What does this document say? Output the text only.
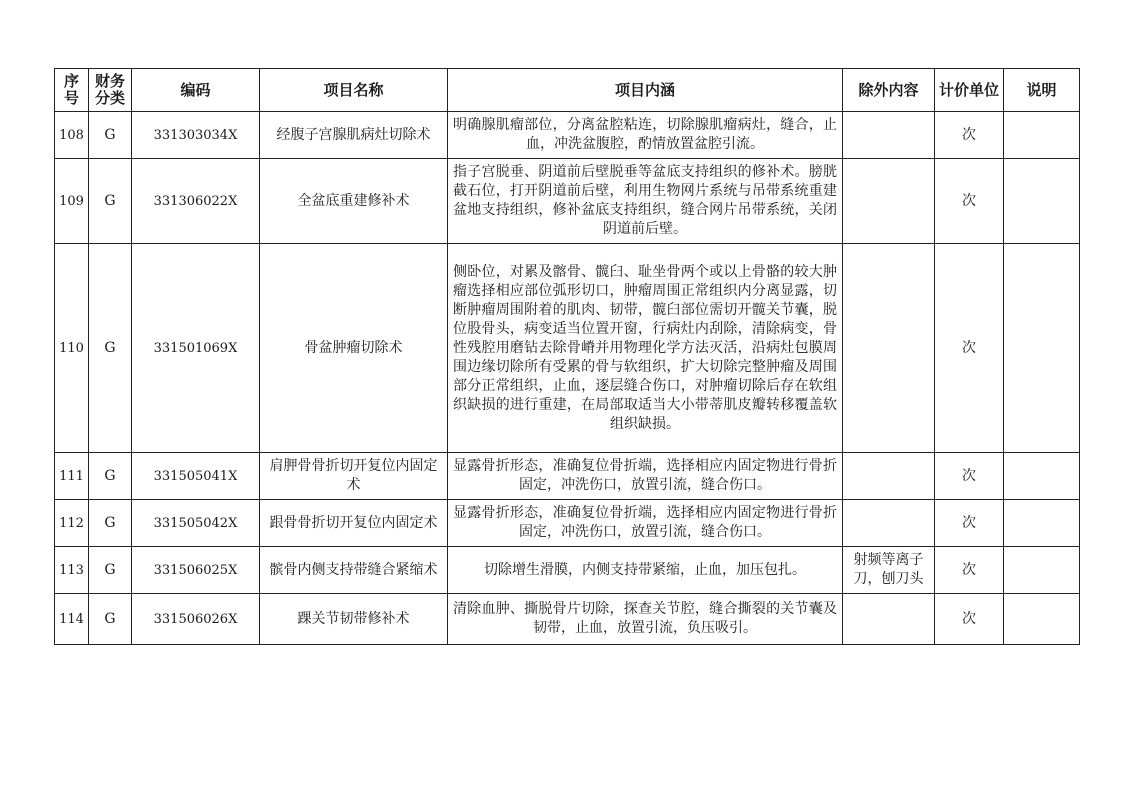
序号	财务分类	编码	项目名称	项目内涵	除外内容	计价单位	说明
108	G	331303034X	经腹子宫腺肌病灶切除术	明确腺肌瘤部位，分离盆腔粘连，切除腺肌瘤病灶，缝合，止血，冲洗盆腹腔，酌情放置盆腔引流。		次	
109	G	331306022X	全盆底重建修补术	指子宫脱垂、阴道前后壁脱垂等盆底支持组织的修补术。膀胱截石位，打开阴道前后壁，利用生物网片系统与吊带系统重建盆地支持组织，修补盆底支持组织，缝合网片吊带系统，关闭阴道前后壁。		次	
110	G	331501069X	骨盆肿瘤切除术	侧卧位，对累及髂骨、髋臼、耻坐骨两个或以上骨骼的较大肿瘤选择相应部位弧形切口，肿瘤周围正常组织内分离显露，切断肿瘤周围附着的肌肉、韧带，髋臼部位需切开髋关节囊，脱位股骨头，病变适当位置开窗，行病灶内刮除，清除病变，骨性残腔用磨钻去除骨嵴并用物理化学方法灭活，沿病灶包膜周围边缘切除所有受累的骨与软组织，扩大切除完整肿瘤及周围部分正常组织，止血，逐层缝合伤口，对肿瘤切除后存在软组织缺损的进行重建，在局部取适当大小带蒂肌皮瓣转移覆盖软组织缺损。		次	
111	G	331505041X	肩胛骨骨折切开复位内固定术	显露骨折形态，准确复位骨折端，选择相应内固定物进行骨折固定，冲洗伤口，放置引流，缝合伤口。		次	
112	G	331505042X	跟骨骨折切开复位内固定术	显露骨折形态，准确复位骨折端，选择相应内固定物进行骨折固定，冲洗伤口，放置引流，缝合伤口。		次	
113	G	331506025X	髌骨内侧支持带缝合紧缩术	切除增生滑膜，内侧支持带紧缩，止血，加压包扎。	射频等离子刀，刨刀头	次	
114	G	331506026X	踝关节韧带修补术	清除血肿、撕脱骨片切除，探查关节腔，缝合撕裂的关节囊及韧带，止血，放置引流，负压吸引。		次	
